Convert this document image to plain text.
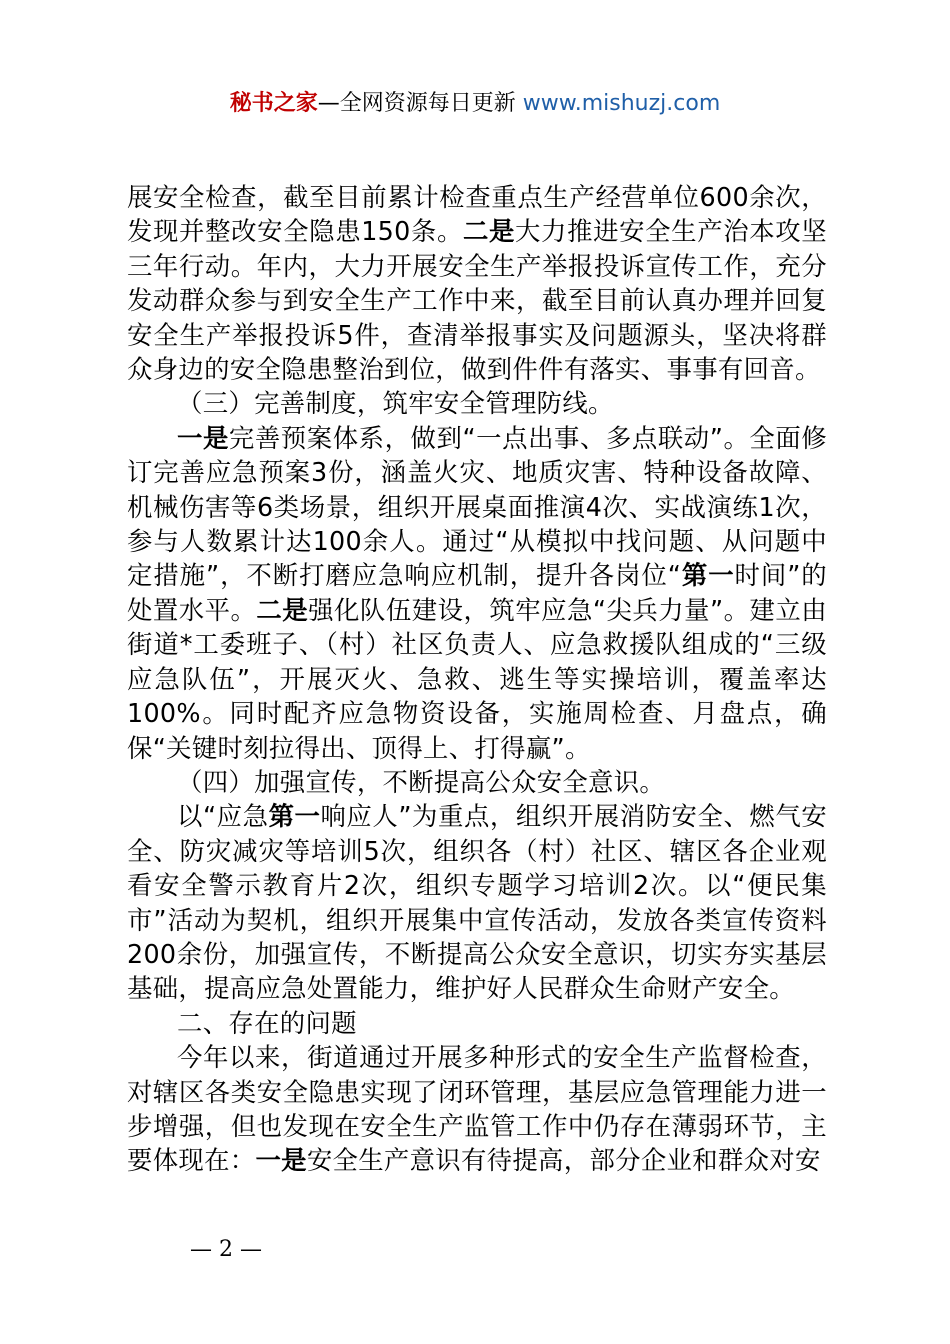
秘书之家—全网资源每日更新 www.mishuzj.com

展安全检查，截至目前累计检查重点生产经营单位600余次，发现并整改安全隐患150条。二是大力推进安全生产治本攻坚三年行动。年内，大力开展安全生产举报投诉宣传工作，充分发动群众参与到安全生产工作中来，截至目前认真办理并回复安全生产举报投诉5件，查清举报事实及问题源头，坚决将群众身边的安全隐患整治到位，做到件件有落实、事事有回音。

（三）完善制度，筑牢安全管理防线。

一是完善预案体系，做到“一点出事、多点联动”。全面修订完善应急预案3份，涵盖火灾、地质灾害、特种设备故障、机械伤害等6类场景，组织开展桌面推演4次、实战演练1次，参与人数累计达100余人。通过“从模拟中找问题、从问题中定措施”，不断打磨应急响应机制，提升各岗位“第一时间”的处置水平。二是强化队伍建设，筑牢应急“尖兵力量”。建立由街道*工委班子、（村）社区负责人、应急救援队组成的“三级应急队伍”，开展灭火、急救、逃生等实操培训，覆盖率达100%。同时配齐应急物资设备，实施周检查、月盘点，确保“关键时刻拉得出、顶得上、打得赢”。

（四）加强宣传，不断提高公众安全意识。

以“应急第一响应人”为重点，组织开展消防安全、燃气安全、防灾减灾等培训5次，组织各（村）社区、辖区各企业观看安全警示教育片2次，组织专题学习培训2次。以“便民集市”活动为契机，组织开展集中宣传活动，发放各类宣传资料200余份，加强宣传，不断提高公众安全意识，切实夯实基层基础，提高应急处置能力，维护好人民群众生命财产安全。

二、存在的问题

今年以来，街道通过开展多种形式的安全生产监督检查，对辖区各类安全隐患实现了闭环管理，基层应急管理能力进一步增强，但也发现在安全生产监管工作中仍存在薄弱环节，主要体现在：一是安全生产意识有待提高，部分企业和群众对安

— 2 —
